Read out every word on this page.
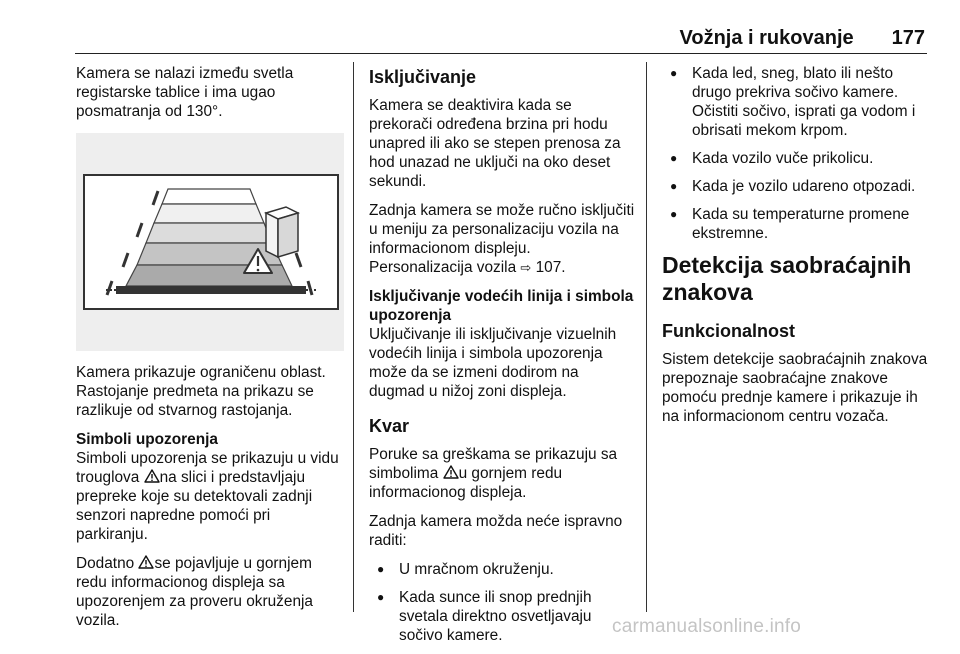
Vožnja i rukovanje 177

Kamera se nalazi između svetla registarske tablice i ima ugao posmatranja od 130°.

Kamera prikazuje ograničenu oblast. Rastojanje predmeta na prikazu se razlikuje od stvarnog rastojanja.

Simboli upozorenja

Simboli upozorenja se prikazuju u vidu trouglova na slici i predstavljaju prepreke koje su detektovali zadnji senzori napredne pomoći pri parkiranju.

Dodatno se pojavljuje u gornjem redu informacionog displeja sa upozorenjem za proveru okruženja vozila.

Isključivanje

Kamera se deaktivira kada se prekorači određena brzina pri hodu unapred ili ako se stepen prenosa za hod unazad ne uključi na oko deset sekundi.

Zadnja kamera se može ručno isključiti u meniju za personalizaciju vozila na informacionom displeju. Personalizacija vozila ⇨ 107.

Isključivanje vodećih linija i simbola upozorenja

Uključivanje ili isključivanje vizuelnih vodećih linija i simbola upozorenja može da se izmeni dodirom na dugmad u nižoj zoni displeja.

Kvar

Poruke sa greškama se prikazuju sa simbolima u gornjem redu informacionog displeja.

Zadnja kamera možda neće ispravno raditi:

● U mračnom okruženju.
● Kada sunce ili snop prednjih svetala direktno osvetljavaju sočivo kamere.
● Kada led, sneg, blato ili nešto drugo prekriva sočivo kamere. Očistiti sočivo, isprati ga vodom i obrisati mekom krpom.
● Kada vozilo vuče prikolicu.
● Kada je vozilo udareno otpozadi.
● Kada su temperaturne promene ekstremne.
Detekcija saobraćajnih znakova
Funkcionalnost

Sistem detekcije saobraćajnih znakova prepoznaje saobraćajne znakove pomoću prednje kamere i prikazuje ih na informacionom centru vozača.

carmanualsonline.info
